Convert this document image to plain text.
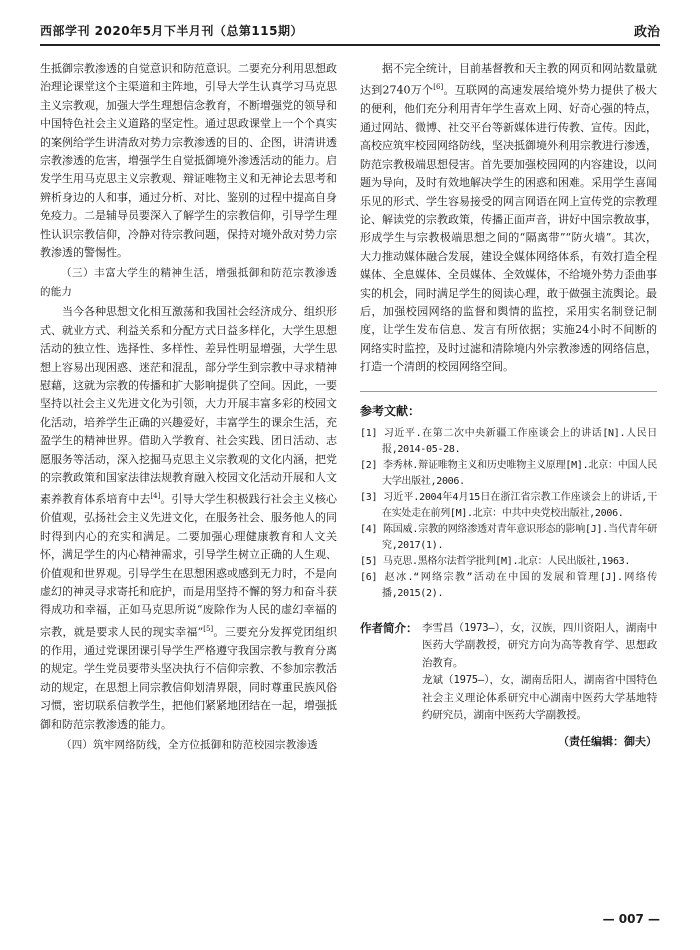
西部学刊 2020年5月下半月刊（总第115期）	政治

生抵御宗教渗透的自觉意识和防范意识。二要充分利用思想政治理论课堂这个主渠道和主阵地，引导大学生认真学习马克思主义宗教观，加强大学生理想信念教育，不断增强党的领导和中国特色社会主义道路的坚定性。通过思政课堂上一个个真实的案例给学生讲清敌对势力宗教渗透的目的、企图，讲清讲透宗教渗透的危害，增强学生自觉抵御境外渗透活动的能力。启发学生用马克思主义宗教观、辩证唯物主义和无神论去思考和辨析身边的人和事，通过分析、对比、鉴别的过程中提高自身免疫力。二是辅导员要深入了解学生的宗教信仰，引导学生理性认识宗教信仰，冷静对待宗教问题，保持对境外敌对势力宗教渗透的警惕性。

（三）丰富大学生的精神生活，增强抵御和防范宗教渗透的能力

当今各种思想文化相互激荡和我国社会经济成分、组织形式、就业方式、利益关系和分配方式日益多样化，大学生思想活动的独立性、选择性、多样性、差异性明显增强，大学生思想上容易出现困惑、迷茫和混乱，部分学生到宗教中寻求精神慰藉，这就为宗教的传播和扩大影响提供了空间。因此，一要坚持以社会主义先进文化为引领，大力开展丰富多彩的校园文化活动，培养学生正确的兴趣爱好，丰富学生的课余生活，充盈学生的精神世界。借助入学教育、社会实践、团日活动、志愿服务等活动，深入挖掘马克思主义宗教观的文化内涵，把党的宗教政策和国家法律法规教育融入校园文化活动开展和人文素养教育体系培育中去[4]。引导大学生积极践行社会主义核心价值观，弘扬社会主义先进文化，在服务社会、服务他人的同时得到内心的充实和满足。二要加强心理健康教育和人文关怀，满足学生的内心精神需求，引导学生树立正确的人生观、价值观和世界观。引导学生在思想困惑或感到无力时，不是向虚幻的神灵寻求寄托和庇护，而是用坚持不懈的努力和奋斗获得成功和幸福，正如马克思所说“废除作为人民的虚幻幸福的宗教，就是要求人民的现实幸福”[5]。三要充分发挥党团组织的作用，通过党课团课引导学生严格遵守我国宗教与教育分离的规定。学生党员要带头坚决执行不信仰宗教、不参加宗教活动的规定，在思想上同宗教信仰划清界限，同时尊重民族风俗习惯，密切联系信教学生，把他们紧紧地团结在一起，增强抵御和防范宗教渗透的能力。

（四）筑牢网络防线，全方位抵御和防范校园宗教渗透

据不完全统计，目前基督教和天主教的网页和网站数量就达到2740万个[6]。互联网的高速发展给境外势力提供了极大的便利，他们充分利用青年学生喜欢上网、好奇心强的特点，通过网站、微博、社交平台等新媒体进行传教、宣传。因此，高校应筑牢校园网络防线，坚决抵御境外利用宗教进行渗透，防范宗教极端思想侵害。首先要加强校园网的内容建设，以问题为导向，及时有效地解决学生的困惑和困难。采用学生喜闻乐见的形式、学生容易接受的网言网语在网上宣传党的宗教理论、解读党的宗教政策，传播正面声音，讲好中国宗教故事，形成学生与宗教极端思想之间的“隔离带”“防火墙”。其次，大力推动媒体融合发展，建设全媒体网络体系，有效打造全程媒体、全息媒体、全员媒体、全效媒体，不给境外势力歪曲事实的机会，同时满足学生的阅读心理，敢于做强主流舆论。最后，加强校园网络的监督和舆情的监控，采用实名制登记制度，让学生发布信息、发言有所依据；实施24小时不间断的网络实时监控，及时过滤和清除境内外宗教渗透的网络信息，打造一个清朗的校园网络空间。

参考文献：

[1] 习近平.在第二次中央新疆工作座谈会上的讲话[N].人民日报,2014-05-28.

[2] 李秀林.辩证唯物主义和历史唯物主义原理[M].北京：中国人民大学出版社,2006.

[3] 习近平.2004年4月15日在浙江省宗教工作座谈会上的讲话,干在实处走在前列[M].北京：中共中央党校出版社,2006.

[4] 陈国威.宗教的网络渗透对青年意识形态的影响[J].当代青年研究,2017(1).

[5] 马克思.黑格尔法哲学批判[M].北京：人民出版社,1963.

[6] 赵冰.“网络宗教”活动在中国的发展和管理[J].网络传播,2015(2).

作者简介： 李雪昌（1973—），女，汉族，四川资阳人，湖南中医药大学副教授，研究方向为高等教育学、思想政治教育。
龙斌（1975—），女，湖南岳阳人，湖南省中国特色社会主义理论体系研究中心湖南中医药大学基地特约研究员，湖南中医药大学副教授。
（责任编辑：御夫）
— 007 —
